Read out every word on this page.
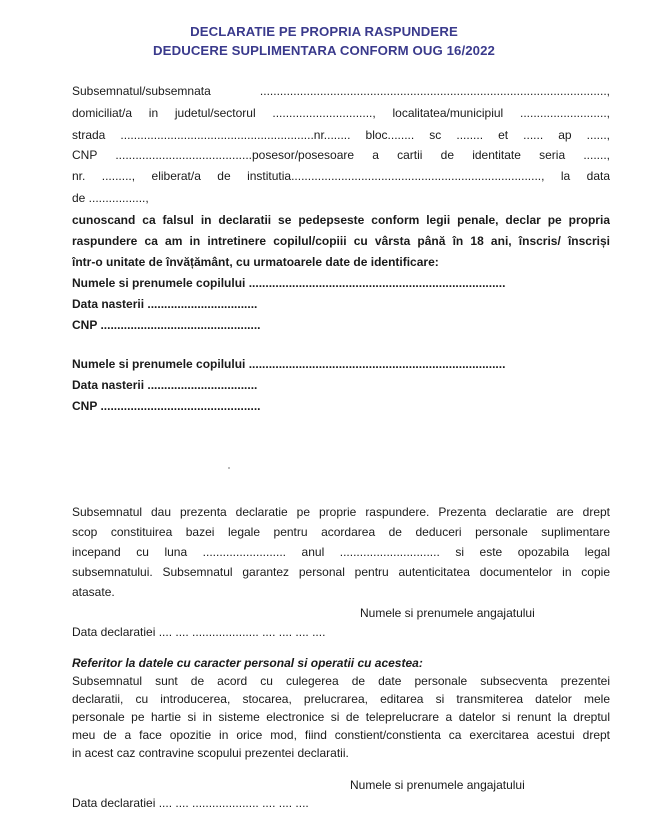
DECLARATIE PE PROPRIA RASPUNDERE
DEDUCERE SUPLIMENTARA CONFORM OUG 16/2022
Subsemnatul/subsemnata ........................................................................................................,
domiciliat/a in judetul/sectorul .............................., localitatea/municipiul ..........................,
strada ..........................................................nr........ bloc........ sc ........ et ...... ap ......,
CNP .........................................posesor/posesoare a cartii de identitate seria .......,
nr. ........., eliberat/a de institutia..........................................................................., la data
de .................,
cunoscand ca falsul in declaratii se pedepseste conform legii penale, declar pe propria
raspundere ca am in intretinere copilul/copiii cu vârsta până în 18 ani, înscris/ înscriși
într-o unitate de învățământ, cu urmatoarele date de identificare:
Numele si prenumele copilului .............................................................................
Data nasterii .................................
CNP ................................................
Numele si prenumele copilului .............................................................................
Data nasterii .................................
CNP ................................................
Subsemnatul dau prezenta declaratie pe proprie raspundere. Prezenta declaratie are drept
scop constituirea bazei legale pentru acordarea de deduceri personale suplimentare
incepand cu luna ......................... anul .............................. si este opozabila legal
subsemnatului. Subsemnatul garantez personal pentru autenticitatea documentelor in copie
atasate.
Numele si prenumele angajatului
Data declaratiei .... .... .................... .... .... .... ....
Referitor la datele cu caracter personal si operatii cu acestea:
Subsemnatul sunt de acord cu culegerea de date personale subsecventa prezentei
declaratii, cu introducerea, stocarea, prelucrarea, editarea si transmiterea datelor mele
personale pe hartie si in sisteme electronice si de teleprelucrare a datelor si renunt la dreptul
meu de a face opozitie in orice mod, fiind constient/constienta ca exercitarea acestui drept
in acest caz contravine scopului prezentei declaratii.
Numele si prenumele angajatului
Data declaratiei .... .... .................... .... .... ....
